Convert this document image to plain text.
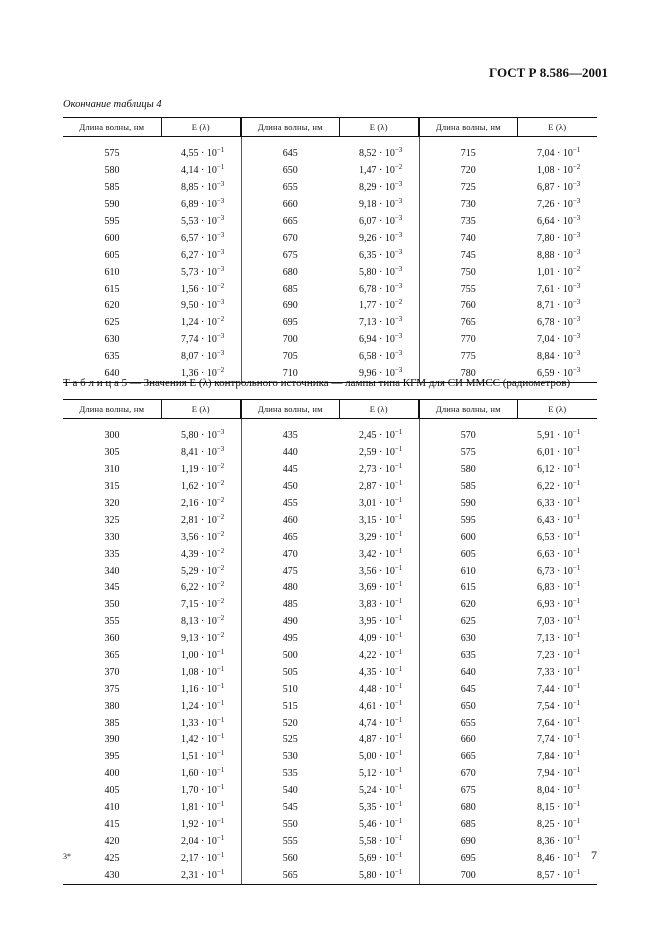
ГОСТ Р 8.586—2001
Окончание таблицы 4
Длина волны, нм	E (λ)	Длина волны, нм	E (λ)	Длина волны, нм	E (λ)

575	$4,55 \cdot 10^{-1}$	645	$8,52 \cdot 10^{-3}$	715	$7,04 \cdot 10^{-1}$
580	$4,14 \cdot 10^{-1}$	650	$1,47 \cdot 10^{-2}$	720	$1,08 \cdot 10^{-2}$
585	$8,85 \cdot 10^{-3}$	655	$8,29 \cdot 10^{-3}$	725	$6,87 \cdot 10^{-3}$
590	$6,89 \cdot 10^{-3}$	660	$9,18 \cdot 10^{-3}$	730	$7,26 \cdot 10^{-3}$
595	$5,53 \cdot 10^{-3}$	665	$6,07 \cdot 10^{-3}$	735	$6,64 \cdot 10^{-3}$
600	$6,57 \cdot 10^{-3}$	670	$9,26 \cdot 10^{-3}$	740	$7,80 \cdot 10^{-3}$
605	$6,27 \cdot 10^{-3}$	675	$6,35 \cdot 10^{-3}$	745	$8,88 \cdot 10^{-3}$
610	$5,73 \cdot 10^{-3}$	680	$5,80 \cdot 10^{-3}$	750	$1,01 \cdot 10^{-2}$
615	$1,56 \cdot 10^{-2}$	685	$6,78 \cdot 10^{-3}$	755	$7,61 \cdot 10^{-3}$
620	$9,50 \cdot 10^{-3}$	690	$1,77 \cdot 10^{-2}$	760	$8,71 \cdot 10^{-3}$
625	$1,24 \cdot 10^{-2}$	695	$7,13 \cdot 10^{-3}$	765	$6,78 \cdot 10^{-3}$
630	$7,74 \cdot 10^{-3}$	700	$6,94 \cdot 10^{-3}$	770	$7,04 \cdot 10^{-3}$
635	$8,07 \cdot 10^{-3}$	705	$6,58 \cdot 10^{-3}$	775	$8,84 \cdot 10^{-3}$
640	$1,36 \cdot 10^{-2}$	710	$9,96 \cdot 10^{-3}$	780	$6,59 \cdot 10^{-3}$
Т а б л и ц а 5 — Значения E (λ) контрольного источника — лампы типа КГМ для СИ ММСС (радиометров)
Длина волны, нм	E (λ)	Длина волны, нм	E (λ)	Длина волны, нм	E (λ)

300	$5,80 \cdot 10^{-3}$	435	$2,45 \cdot 10^{-1}$	570	$5,91 \cdot 10^{-1}$
305	$8,41 \cdot 10^{-3}$	440	$2,59 \cdot 10^{-1}$	575	$6,01 \cdot 10^{-1}$
310	$1,19 \cdot 10^{-2}$	445	$2,73 \cdot 10^{-1}$	580	$6,12 \cdot 10^{-1}$
315	$1,62 \cdot 10^{-2}$	450	$2,87 \cdot 10^{-1}$	585	$6,22 \cdot 10^{-1}$
320	$2,16 \cdot 10^{-2}$	455	$3,01 \cdot 10^{-1}$	590	$6,33 \cdot 10^{-1}$
325	$2,81 \cdot 10^{-2}$	460	$3,15 \cdot 10^{-1}$	595	$6,43 \cdot 10^{-1}$
330	$3,56 \cdot 10^{-2}$	465	$3,29 \cdot 10^{-1}$	600	$6,53 \cdot 10^{-1}$
335	$4,39 \cdot 10^{-2}$	470	$3,42 \cdot 10^{-1}$	605	$6,63 \cdot 10^{-1}$
340	$5,29 \cdot 10^{-2}$	475	$3,56 \cdot 10^{-1}$	610	$6,73 \cdot 10^{-1}$
345	$6,22 \cdot 10^{-2}$	480	$3,69 \cdot 10^{-1}$	615	$6,83 \cdot 10^{-1}$
350	$7,15 \cdot 10^{-2}$	485	$3,83 \cdot 10^{-1}$	620	$6,93 \cdot 10^{-1}$
355	$8,13 \cdot 10^{-2}$	490	$3,95 \cdot 10^{-1}$	625	$7,03 \cdot 10^{-1}$
360	$9,13 \cdot 10^{-2}$	495	$4,09 \cdot 10^{-1}$	630	$7,13 \cdot 10^{-1}$
365	$1,00 \cdot 10^{-1}$	500	$4,22 \cdot 10^{-1}$	635	$7,23 \cdot 10^{-1}$
370	$1,08 \cdot 10^{-1}$	505	$4,35 \cdot 10^{-1}$	640	$7,33 \cdot 10^{-1}$
375	$1,16 \cdot 10^{-1}$	510	$4,48 \cdot 10^{-1}$	645	$7,44 \cdot 10^{-1}$
380	$1,24 \cdot 10^{-1}$	515	$4,61 \cdot 10^{-1}$	650	$7,54 \cdot 10^{-1}$
385	$1,33 \cdot 10^{-1}$	520	$4,74 \cdot 10^{-1}$	655	$7,64 \cdot 10^{-1}$
390	$1,42 \cdot 10^{-1}$	525	$4,87 \cdot 10^{-1}$	660	$7,74 \cdot 10^{-1}$
395	$1,51 \cdot 10^{-1}$	530	$5,00 \cdot 10^{-1}$	665	$7,84 \cdot 10^{-1}$
400	$1,60 \cdot 10^{-1}$	535	$5,12 \cdot 10^{-1}$	670	$7,94 \cdot 10^{-1}$
405	$1,70 \cdot 10^{-1}$	540	$5,24 \cdot 10^{-1}$	675	$8,04 \cdot 10^{-1}$
410	$1,81 \cdot 10^{-1}$	545	$5,35 \cdot 10^{-1}$	680	$8,15 \cdot 10^{-1}$
415	$1,92 \cdot 10^{-1}$	550	$5,46 \cdot 10^{-1}$	685	$8,25 \cdot 10^{-1}$
420	$2,04 \cdot 10^{-1}$	555	$5,58 \cdot 10^{-1}$	690	$8,36 \cdot 10^{-1}$
425	$2,17 \cdot 10^{-1}$	560	$5,69 \cdot 10^{-1}$	695	$8,46 \cdot 10^{-1}$
430	$2,31 \cdot 10^{-1}$	565	$5,80 \cdot 10^{-1}$	700	$8,57 \cdot 10^{-1}$
3*	7
